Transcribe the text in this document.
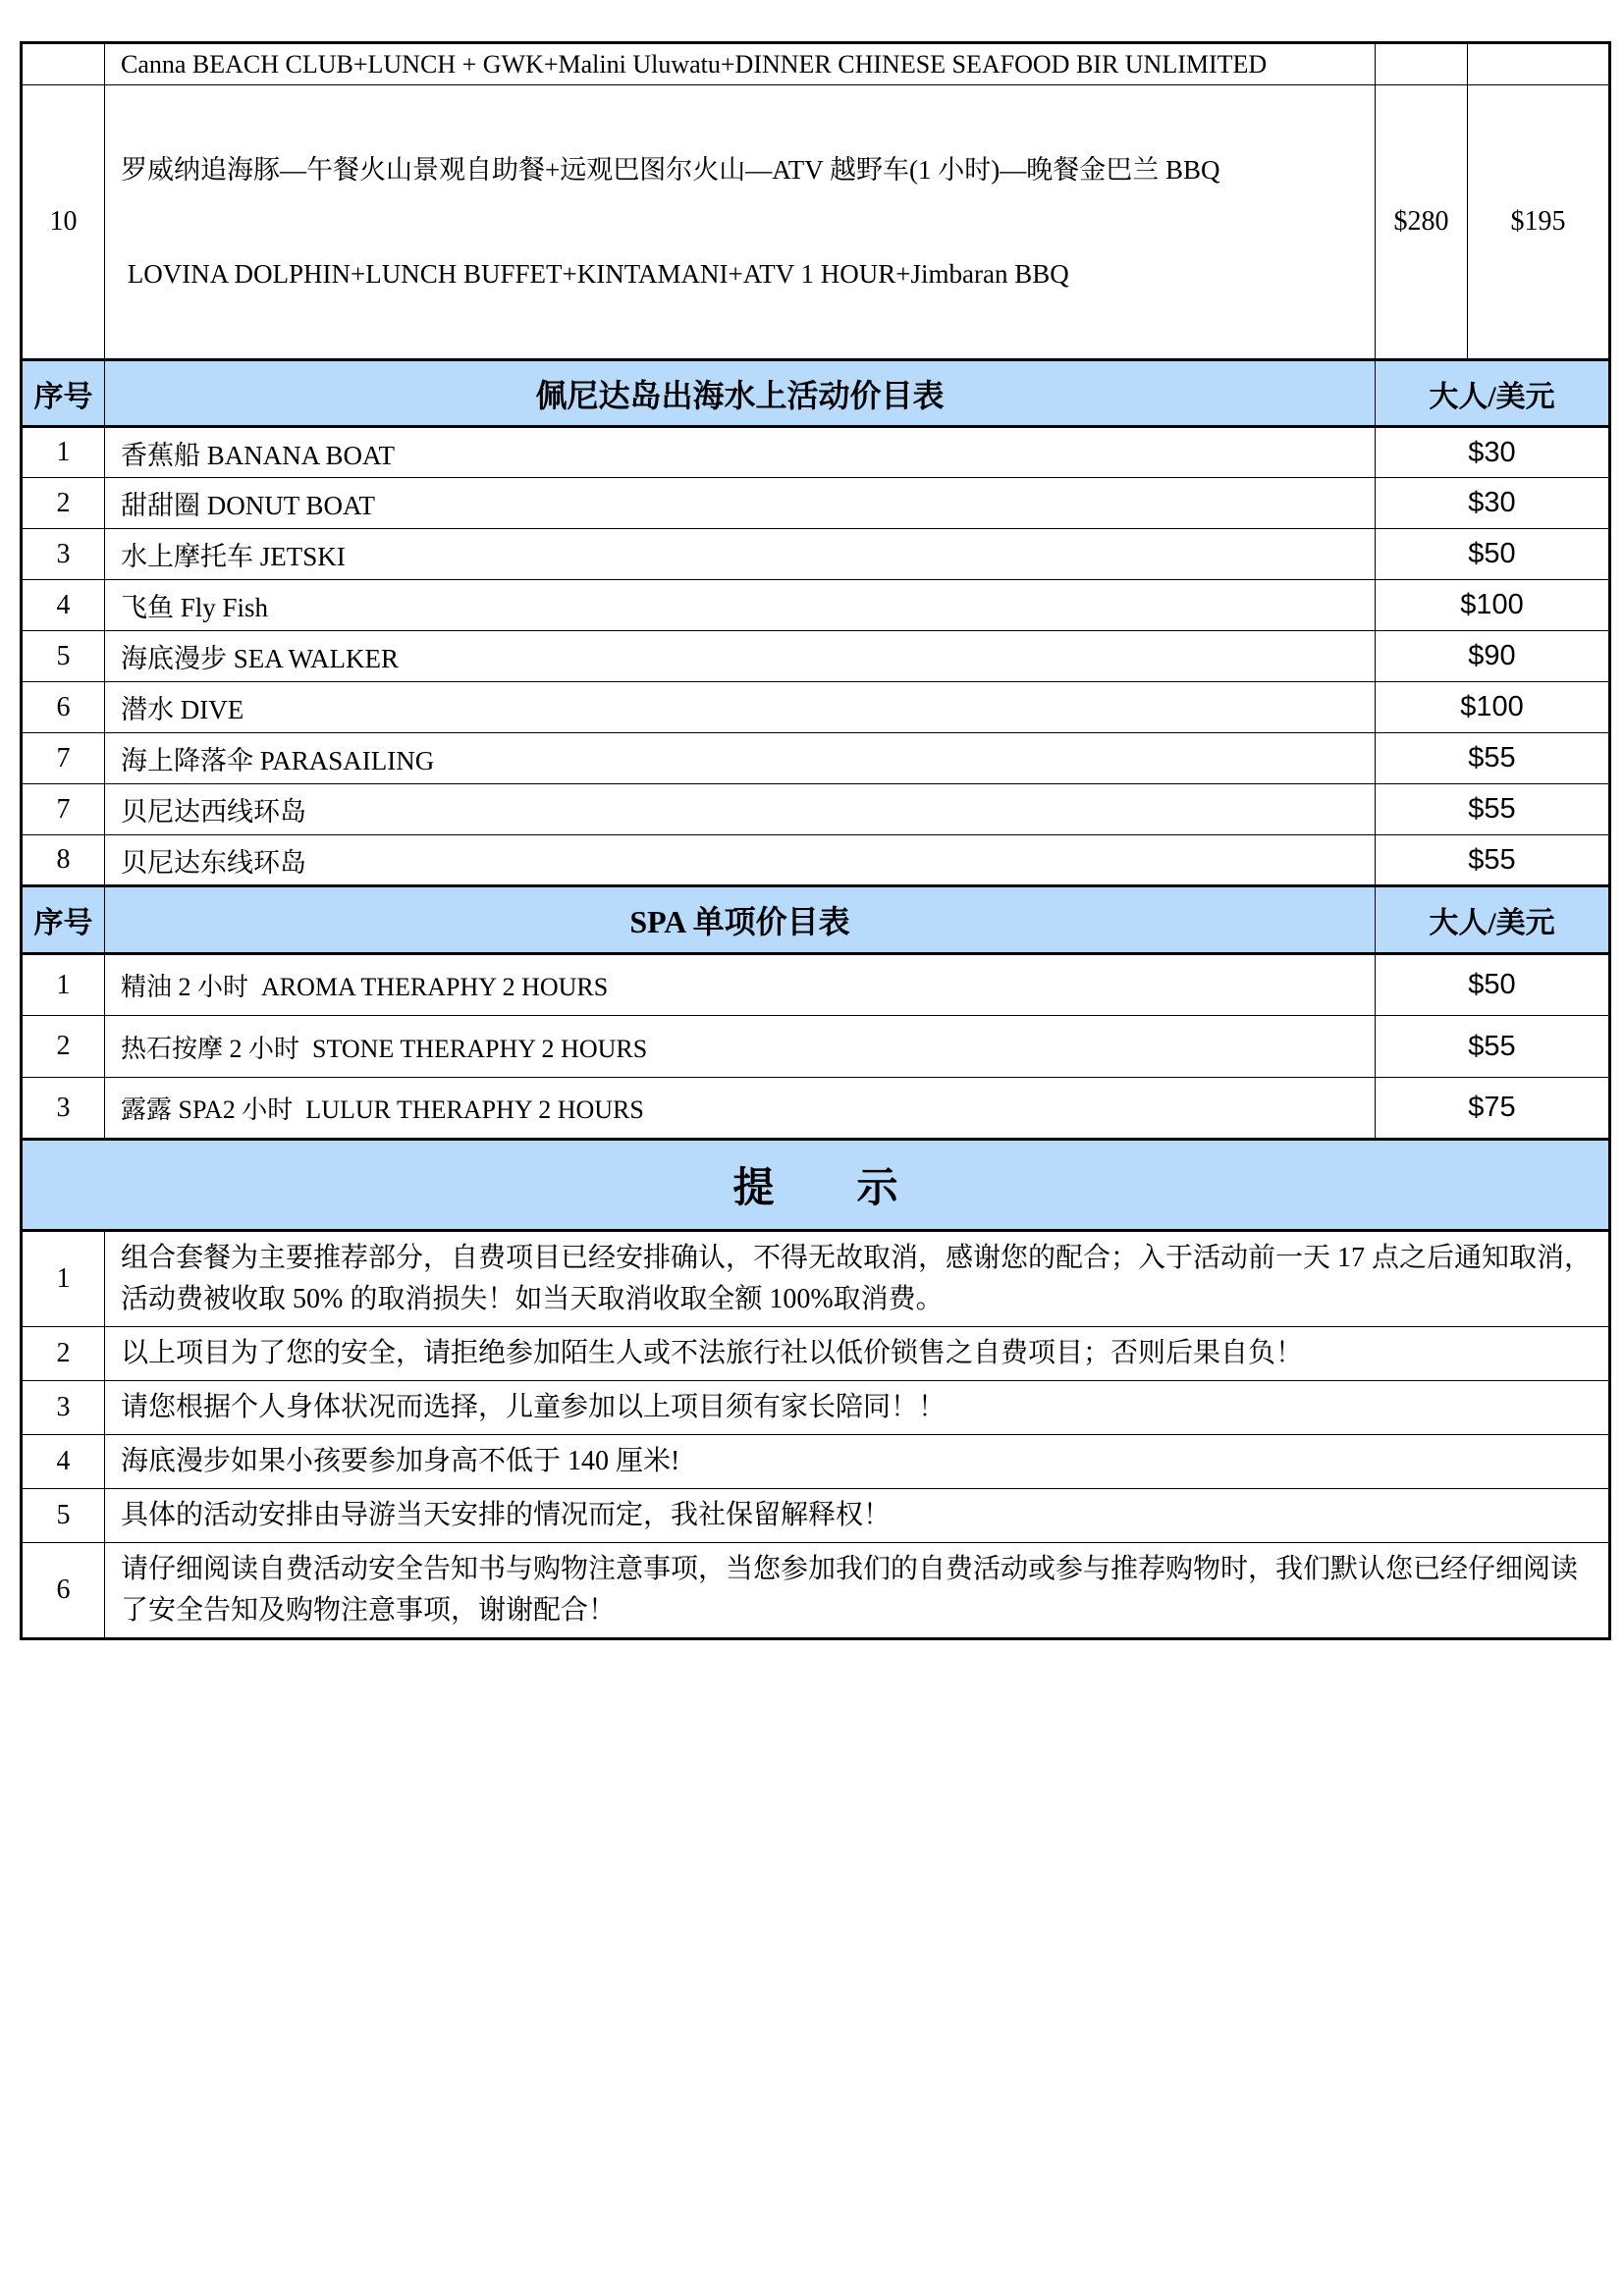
	Canna BEACH CLUB+LUNCH + GWK+Malini Uluwatu+DINNER CHINESE SEAFOOD BIR UNLIMITED		
10	罗威纳追海豚—午餐火山景观自助餐+远观巴图尔火山—ATV 越野车(1 小时)—晚餐金巴兰 BBQ

LOVINA DOLPHIN+LUNCH BUFFET+KINTAMANI+ATV 1 HOUR+Jimbaran BBQ	$280	$195
序号	佩尼达岛出海水上活动价目表	大人/美元	
1	香蕉船 BANANA BOAT	$30	
2	甜甜圈 DONUT BOAT	$30	
3	水上摩托车 JETSKI	$50	
4	飞鱼 Fly Fish	$100	
5	海底漫步 SEA WALKER	$90	
6	潜水 DIVE	$100	
7	海上降落伞 PARASAILING	$55	
7	贝尼达西线环岛	$55	
8	贝尼达东线环岛	$55	
序号	SPA 单项价目表	大人/美元	
1	精油 2 小时  AROMA THERAPHY 2 HOURS	$50	
2	热石按摩 2 小时  STONE THERAPHY 2 HOURS	$55	
3	露露 SPA2 小时  LULUR THERAPHY 2 HOURS	$75	
提　　示			
1	组合套餐为主要推荐部分，自费项目已经安排确认，不得无故取消，感谢您的配合；入于活动前一天 17 点之后通知取消，活动费被收取 50% 的取消损失！如当天取消收取全额 100%取消费。		
2	以上项目为了您的安全，请拒绝参加陌生人或不法旅行社以低价锁售之自费项目；否则后果自负！		
3	请您根据个人身体状况而选择，儿童参加以上项目须有家长陪同！！		
4	海底漫步如果小孩要参加身高不低于 140 厘米!		
5	具体的活动安排由导游当天安排的情况而定，我社保留解释权！		
6	请仔细阅读自费活动安全告知书与购物注意事项，当您参加我们的自费活动或参与推荐购物时，我们默认您已经仔细阅读了安全告知及购物注意事项，谢谢配合！		
